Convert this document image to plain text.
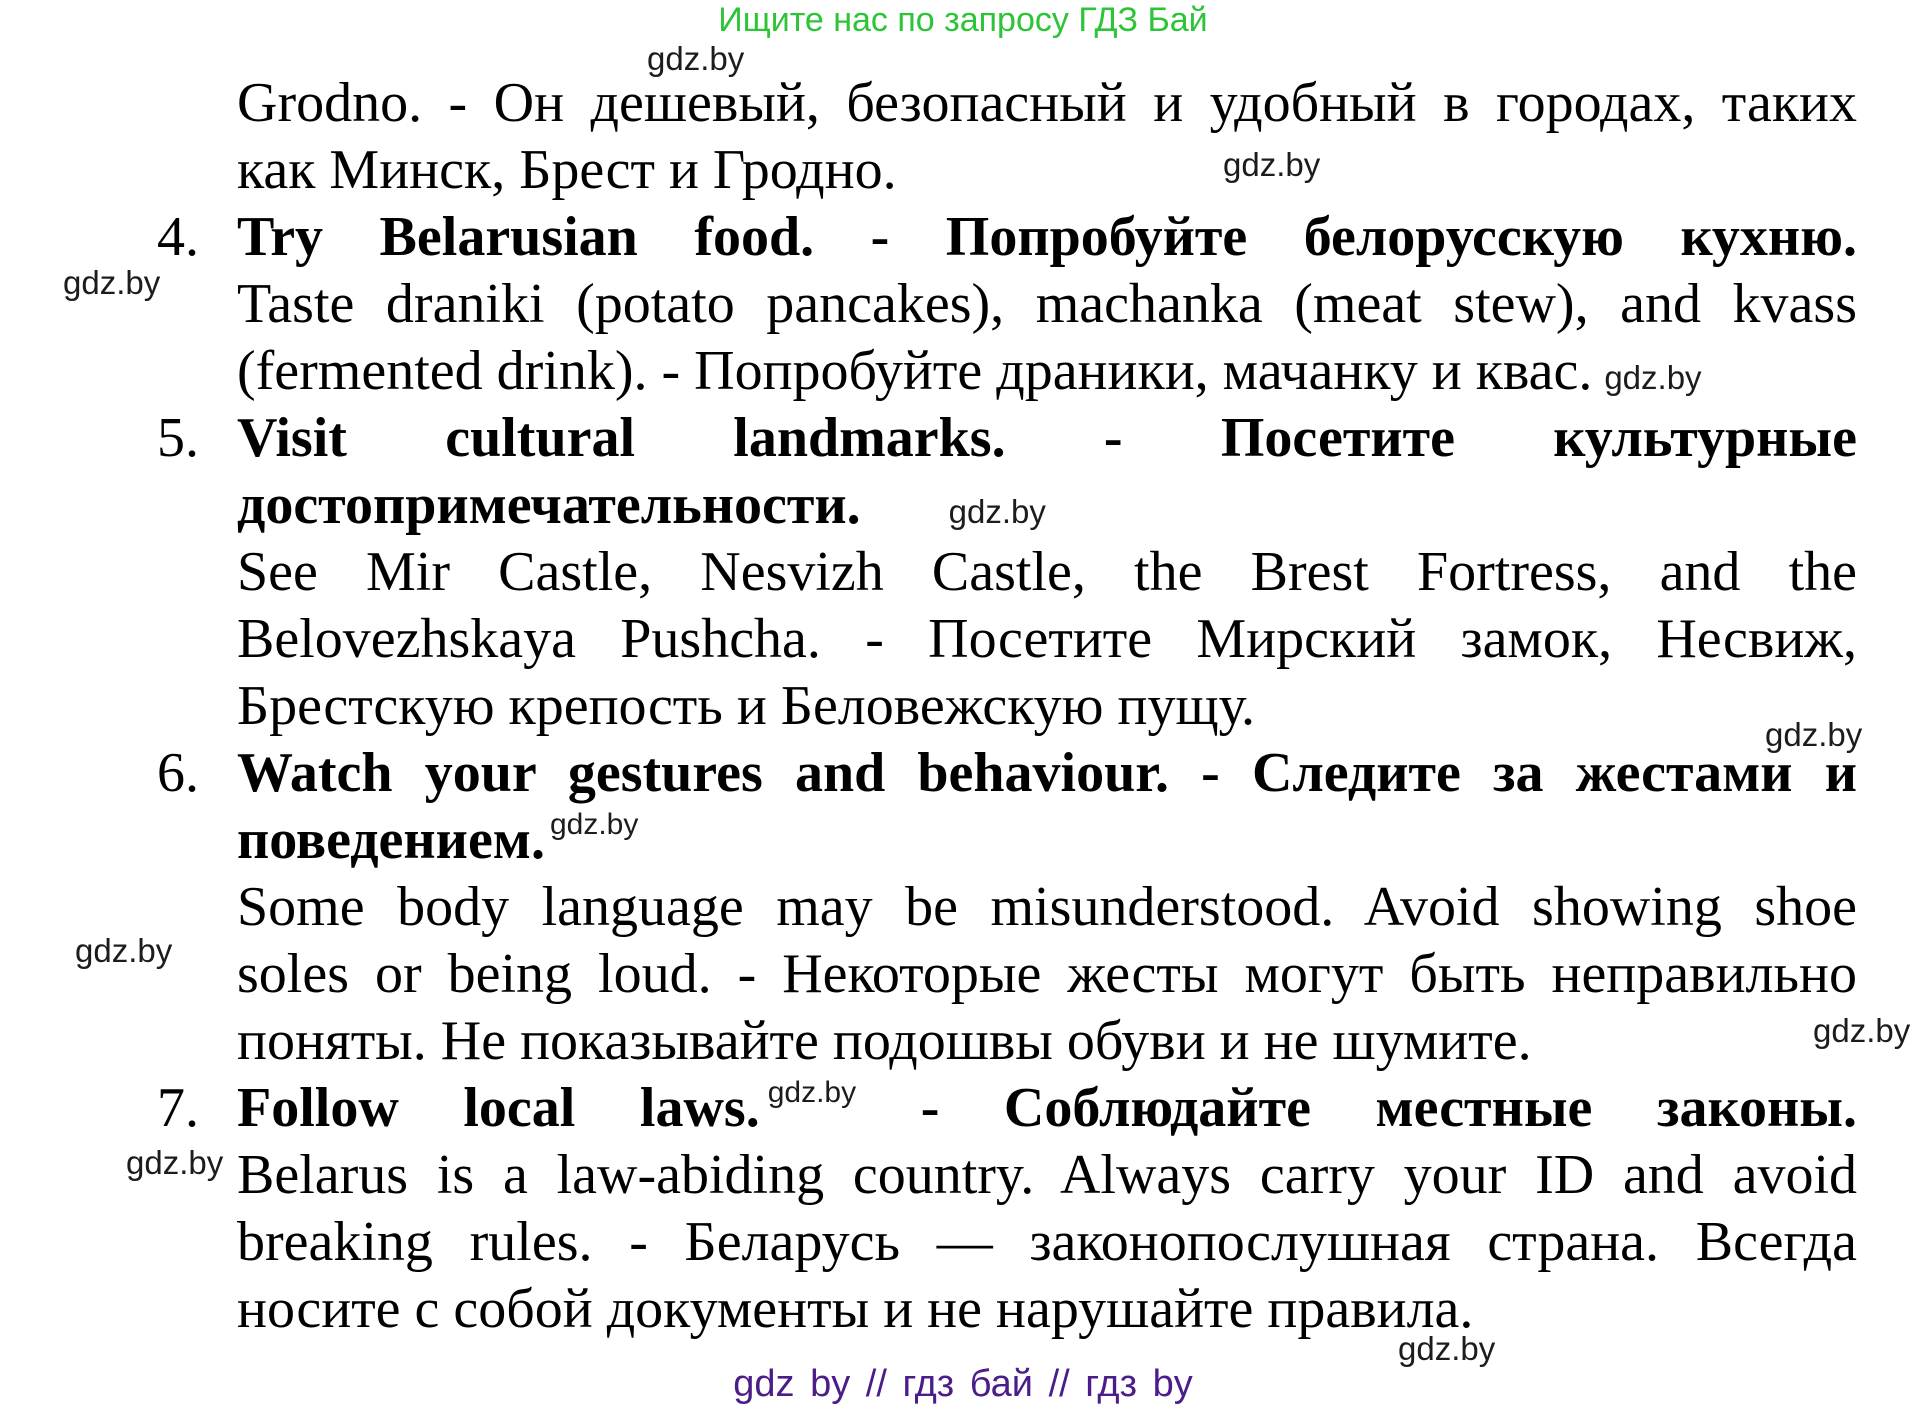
Ищите нас по запросу ГДЗ Бай
gdz.by
gdz.by
gdz.by
gdz.by
gdz.by
gdz.by
gdz.by
gdz.by
4.
5.
6.
7.
Grodno. - Он дешевый, безопасный и удобный в городах, таких
как Минск, Брест и Гродно.
Try Belarusian food. - Попробуйте белорусскую кухню.
Taste draniki (potato pancakes), machanka (meat stew), and kvass
(fermented drink). - Попробуйте драники, мачанку и квас. gdz.by
Visit cultural landmarks. - Посетите культурные
достопримечательности.	gdz.by
See Mir Castle, Nesvizh Castle, the Brest Fortress, and the
Belovezhskaya Pushcha. - Посетите Мирский замок, Несвиж,
Брестскую крепость и Беловежскую пущу.
Watch your gestures and behaviour. - Следите за жестами и
поведением. $^{gdz.by}$
Some body language may be misunderstood. Avoid showing shoe
soles or being loud. - Некоторые жесты могут быть неправильно
поняты. Не показывайте подошвы обуви и не шумите.
Follow local laws. $^{gdz.by}$ - Соблюдайте местные законы.
Belarus is a law-abiding country. Always carry your ID and avoid
breaking rules. - Беларусь — законопослушная страна. Всегда
носите с собой документы и не нарушайте правила.
gdz by // гдз бай // гдз by
